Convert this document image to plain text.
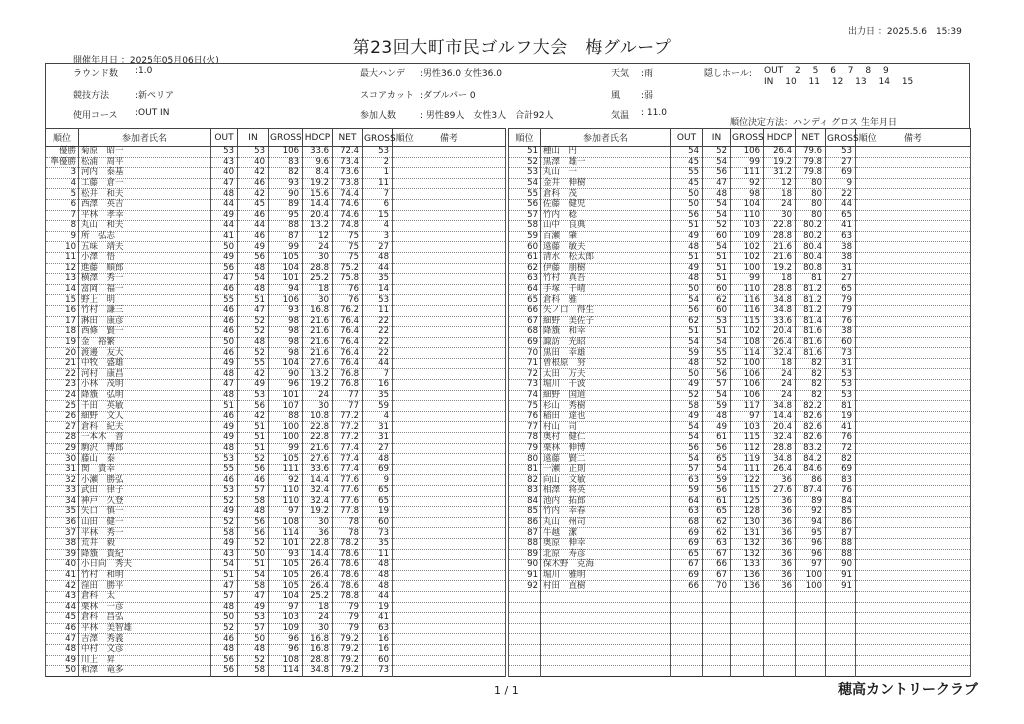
出力日 ：2025.5.6　15:39
第23回大町市民ゴルフ大会　梅グループ
開催年月日 ：2025年05月06日(火)
ラウンド数 :1.0
競技方法	:新ペリア
使用コース :OUT IN
最大ハンデ :男性36.0 女性36.0
スコアカット :ダブルパー 0
参加人数	: 男性89人　女性3人　合計92人
天気 :雨
風 :弱
気温 : 11.0
隠しホール: OUT 2 5 6 7 8 9
IN 10 11 12 13 14 15
順位決定方法：ハンディ グロス 生年月日
順位	参加者氏名	OUT	IN	GROSS	HDCP	NET	GROSS順位	備考
優勝	菊原　昭一	53	53	106	33.6	72.4	53	
準優勝	松浦　周平	43	40	83	9.6	73.4	2	
3	河内　泰基	40	42	82	8.4	73.6	1	
4	工藤　倉一	47	46	93	19.2	73.8	11	
5	松井　和夫	48	42	90	15.6	74.4	7	
6	西澤　英吉	44	45	89	14.4	74.6	6	
7	平林　孝幸	49	46	95	20.4	74.6	15	
8	丸山　和夫	44	44	88	13.2	74.8	4	
9	所　弘志	41	46	87	12	75	3	
10	五味　靖夫	50	49	99	24	75	27	
11	小澤　悟	49	56	105	30	75	48	
12	進藤　順郎	56	48	104	28.8	75.2	44	
13	横澤　秀一	47	54	101	25.2	75.8	35	
14	富岡　福一	46	48	94	18	76	14	
15	野上　明	55	51	106	30	76	53	
16	竹村　謙三	46	47	93	16.8	76.2	11	
17	淋田　康彦	46	52	98	21.6	76.4	22	
18	西條　賢一	46	52	98	21.6	76.4	22	
19	金　裕繁	50	48	98	21.6	76.4	22	
20	渡邊　友大	46	52	98	21.6	76.4	22	
21	中牧　盛雄	49	55	104	27.6	76.4	44	
22	河村　康昌	48	42	90	13.2	76.8	7	
23	小林　茂明	47	49	96	19.2	76.8	16	
24	降籏　弘明	48	53	101	24	77	35	
25	千田　英敏	51	56	107	30	77	59	
26	細野　文人	46	42	88	10.8	77.2	4	
27	倉科　紀夫	49	51	100	22.8	77.2	31	
28	一本木　晋	49	51	100	22.8	77.2	31	
29	駒沢　博郎	48	51	99	21.6	77.4	27	
30	藤山　泰	53	52	105	27.6	77.4	48	
31	関　貴幸	55	56	111	33.6	77.4	69	
32	小瀬　勝弘	46	46	92	14.4	77.6	9	
33	武田　律子	53	57	110	32.4	77.6	65	
34	神戸　久登	52	58	110	32.4	77.6	65	
35	矢口　慎一	49	48	97	19.2	77.8	19	
36	山田　健一	52	56	108	30	78	60	
37	平林　秀一	58	56	114	36	78	73	
38	荒井　毅	49	52	101	22.8	78.2	35	
39	降籏　貴紀	43	50	93	14.4	78.6	11	
40	小日向　秀夫	54	51	105	26.4	78.6	48	
41	竹村　和明	51	54	105	26.4	78.6	48	
42	窪田　勝平	47	58	105	26.4	78.6	48	
43	倉科　太	57	47	104	25.2	78.8	44	
44	栗林　一彦	48	49	97	18	79	19	
45	倉科　昌弘	50	53	103	24	79	41	
46	平林　美智雄	52	57	109	30	79	63	
47	吉澤　秀義	46	50	96	16.8	79.2	16	
48	中村　文彦	48	48	96	16.8	79.2	16	
49	川上　昇	56	52	108	28.8	79.2	60	
50	和澤　竜多	56	58	114	34.8	79.2	73	
順位	参加者氏名	OUT	IN	GROSS	HDCP	NET	GROSS順位	備考
51	種山　円	54	52	106	26.4	79.6	53	
52	黒澤　雄一	45	54	99	19.2	79.8	27	
53	丸山　一	55	56	111	31.2	79.8	69	
54	金井　伸樹	45	47	92	12	80	9	
55	倉科　茂	50	48	98	18	80	22	
56	佐藤　健児	50	54	104	24	80	44	
57	竹内　稔	56	54	110	30	80	65	
58	山中　良典	51	52	103	22.8	80.2	41	
59	百瀬　肇	49	60	109	28.8	80.2	63	
60	遠藤　敏夫	48	54	102	21.6	80.4	38	
61	清水　松太郎	51	51	102	21.6	80.4	38	
62	伊藤　朋樹	49	51	100	19.2	80.8	31	
63	竹村　真吾	48	51	99	18	81	27	
64	手塚　千晴	50	60	110	28.8	81.2	65	
65	倉科　雅	54	62	116	34.8	81.2	79	
66	矢ノ口　得生	56	60	116	34.8	81.2	79	
67	細野　美佐子	62	53	115	33.6	81.4	76	
68	降籏　和幸	51	51	102	20.4	81.6	38	
69	諏訪　光昭	54	54	108	26.4	81.6	60	
70	黒田　幸雄	59	55	114	32.4	81.6	73	
71	曽根原　努	48	52	100	18	82	31	
72	太田　万夫	50	56	106	24	82	53	
73	堀川　千波	49	57	106	24	82	53	
74	細野　国道	52	54	106	24	82	53	
75	杉山　秀樹	58	59	117	34.8	82.2	81	
76	稲田　達也	49	48	97	14.4	82.6	19	
77	村山　司	54	49	103	20.4	82.6	41	
78	奥村　健仁	54	61	115	32.4	82.6	76	
79	栗林　伸博	56	56	112	28.8	83.2	72	
80	遠藤　賢二	54	65	119	34.8	84.2	82	
81	一瀬　正則	57	54	111	26.4	84.6	69	
82	向山　文敏	63	59	122	36	86	83	
83	相澤　将英	59	56	115	27.6	87.4	76	
84	池内　拓郎	64	61	125	36	89	84	
85	竹内　幸春	63	65	128	36	92	85	
86	丸山　州司	68	62	130	36	94	86	
87	牛越　潔	69	62	131	36	95	87	
88	奥原　伸幸	69	63	132	36	96	88	
89	北原　寿彦	65	67	132	36	96	88	
90	保木野　克海	67	66	133	36	97	90	
91	堀川　雅明	69	67	136	36	100	91	
92	村田　直樹	66	70	136	36	100	91	

1 / 1	穂高カントリークラブ
